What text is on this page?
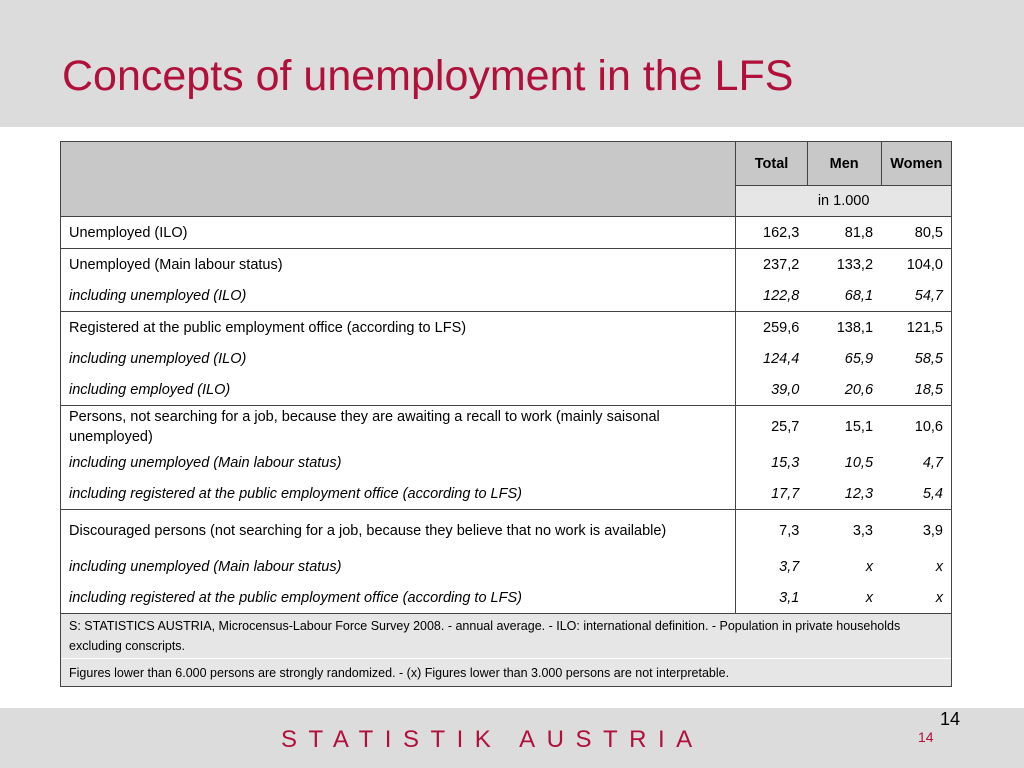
Concepts of unemployment in the LFS
	Total	Men	Women
	in 1.000		
Unemployed (ILO)	162,3	81,8	80,5
Unemployed (Main labour status)	237,2	133,2	104,0
including unemployed (ILO)	122,8	68,1	54,7
Registered at the public employment office (according to LFS)	259,6	138,1	121,5
including unemployed (ILO)	124,4	65,9	58,5
including employed (ILO)	39,0	20,6	18,5
Persons, not searching for a job, because they are awaiting a recall to work (mainly saisonal unemployed)	25,7	15,1	10,6
including unemployed (Main labour status)	15,3	10,5	4,7
including registered at the public employment office (according to LFS)	17,7	12,3	5,4
Discouraged persons (not searching for a job, because they believe that no work is available)	7,3	3,3	3,9
including unemployed (Main labour status)	3,7	x	x
including registered at the public employment office (according to LFS)	3,1	x	x
S: STATISTICS AUSTRIA, Microcensus-Labour Force Survey 2008. - annual average. - ILO: international definition. - Population in private households excluding conscripts.			
Figures lower than 6.000 persons are strongly randomized. - (x) Figures lower than 3.000 persons are not interpretable.			
STATISTIK AUSTRIA
14
14
